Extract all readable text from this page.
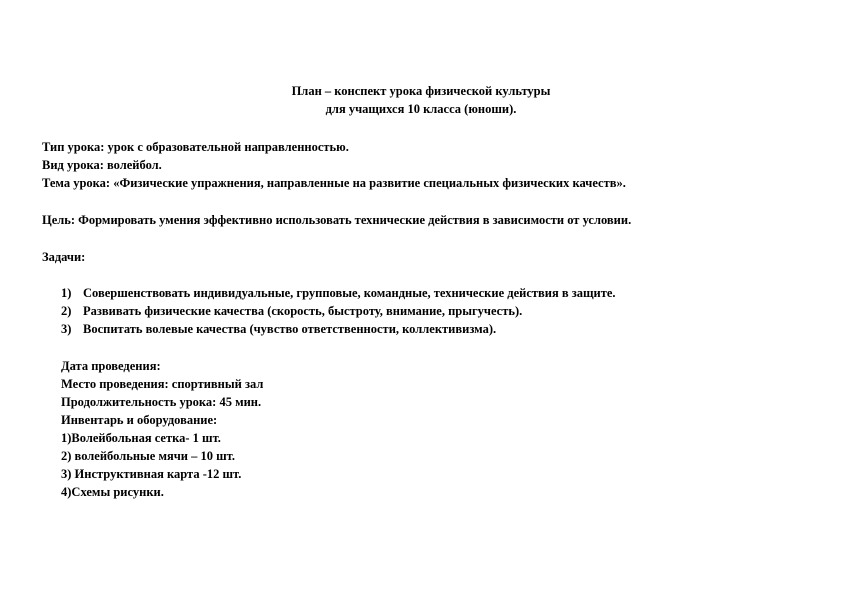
План – конспект урока физической культуры
для учащихся 10 класса (юноши).
Тип урока: урок с образовательной направленностью.
Вид урока: волейбол.
Тема урока: «Физические упражнения, направленные на развитие специальных физических качеств».
Цель: Формировать умения эффективно использовать технические действия в зависимости от условии.
Задачи:
1) Совершенствовать индивидуальные, групповые, командные, технические действия в защите.
2) Развивать физические качества (скорость, быстроту, внимание, прыгучесть).
3) Воспитать волевые качества (чувство ответственности, коллективизма).
Дата проведения:
Место проведения: спортивный зал
Продолжительность урока: 45 мин.
Инвентарь и оборудование:
1)Волейбольная сетка- 1 шт.
2) волейбольные мячи – 10 шт.
3) Инструктивная карта -12 шт.
4)Схемы рисунки.
